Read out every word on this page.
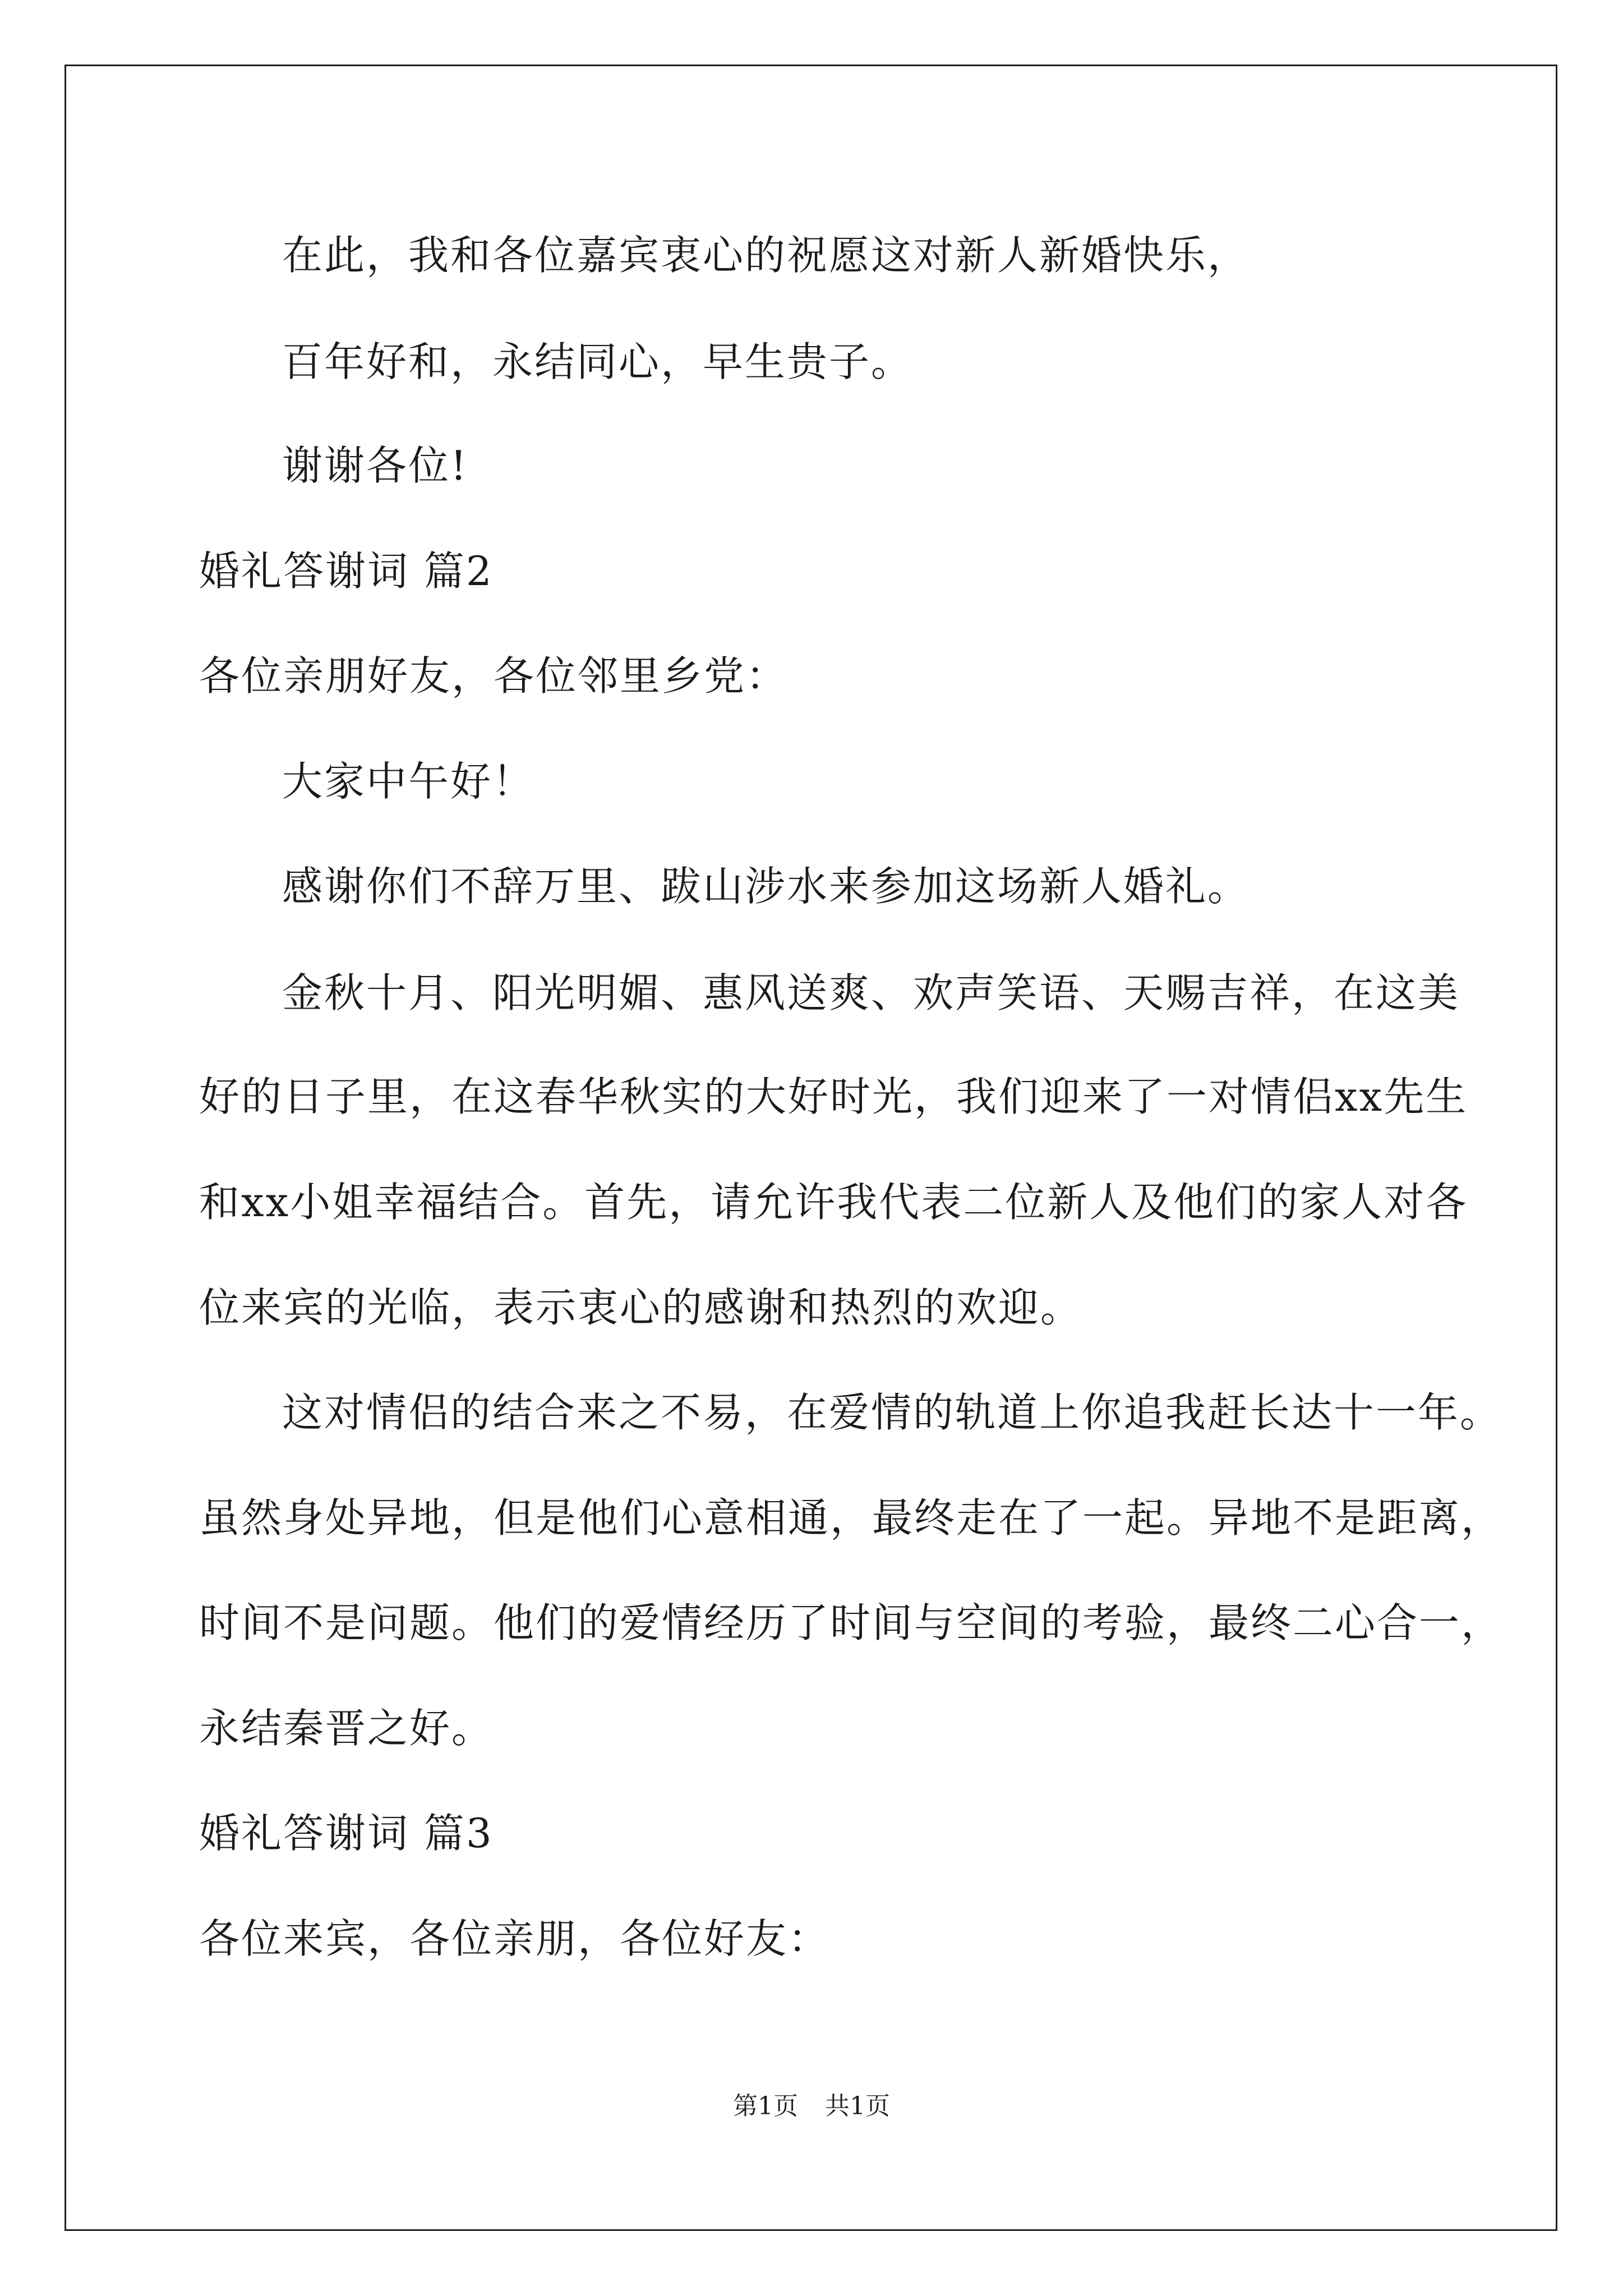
在此，我和各位嘉宾衷心的祝愿这对新人新婚快乐，
百年好和，永结同心，早生贵子。
谢谢各位!
婚礼答谢词 篇2
各位亲朋好友，各位邻里乡党：
大家中午好！
感谢你们不辞万里、跋山涉水来参加这场新人婚礼。
金秋十月、阳光明媚、惠风送爽、欢声笑语、天赐吉祥，在这美
好的日子里，在这春华秋实的大好时光，我们迎来了一对情侣xx先生
和xx小姐幸福结合。首先，请允许我代表二位新人及他们的家人对各
位来宾的光临，表示衷心的感谢和热烈的欢迎。
这对情侣的结合来之不易，在爱情的轨道上你追我赶长达十一年。
虽然身处异地，但是他们心意相通，最终走在了一起。异地不是距离，
时间不是问题。他们的爱情经历了时间与空间的考验，最终二心合一，
永结秦晋之好。
婚礼答谢词 篇3
各位来宾，各位亲朋，各位好友：
第1页 共1页
